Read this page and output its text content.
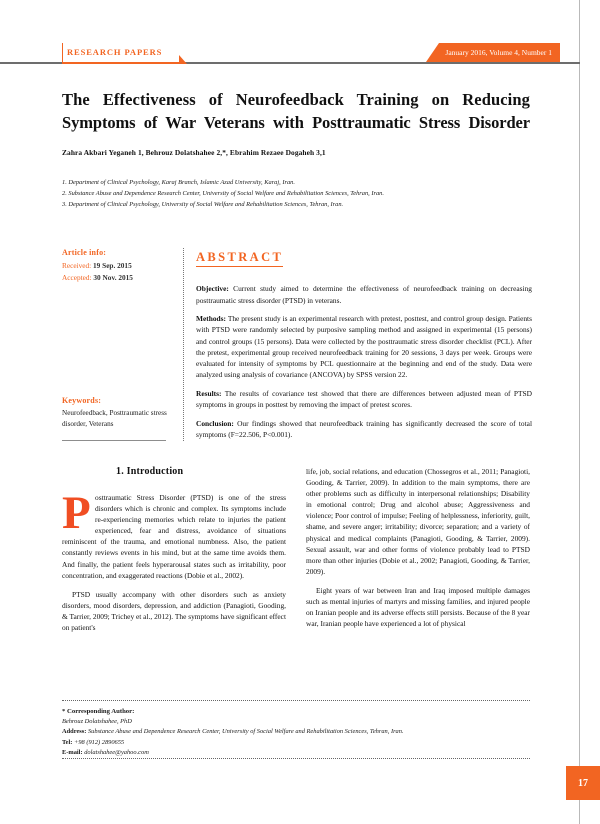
RESEARCH PAPERS	January 2016, Volume 4, Number 1
The Effectiveness of Neurofeedback Training on Reducing
Symptoms of War Veterans with Posttraumatic Stress Disorder
Zahra Akbari Yeganeh 1, Behrouz Dolatshahee 2,*, Ebrahim Rezaee Dogaheh 3,1
1. Department of Clinical Psychology, Karaj Branch, Islamic Azad University, Karaj, Iran.
2. Substance Abuse and Dependence Research Center, University of Social Welfare and Rehabilitation Sciences, Tehran, Iran.
3. Department of Clinical Psychology, University of Social Welfare and Rehabilitation Sciences, Tehran, Iran.
Article info:
Received: 19 Sep. 2015
Accepted: 30 Nov. 2015
Keywords:
Neurofeedback, Posttraumatic stress disorder, Veterans
ABSTRACT

Objective: Current study aimed to determine the effectiveness of neurofeedback training on decreasing posttraumatic stress disorder (PTSD) in veterans.

Methods: The present study is an experimental research with pretest, posttest, and control group design. Patients with PTSD were randomly selected by purposive sampling method and assigned in experimental (15 persons) and control groups (15 persons). Data were collected by the posttraumatic stress disorder checklist (PCL). After the pretest, experimental group received neurofeedback training for 20 sessions, 3 days per week. Groups were evaluated for intensity of symptoms by PCL questionnaire at the beginning and end of the study. Data were analyzed using analysis of covariance (ANCOVA) by SPSS version 22.

Results: The results of covariance test showed that there are differences between adjusted mean of PTSD symptoms in groups in posttest by removing the impact of pretest scores.

Conclusion: Our findings showed that neurofeedback training has significantly decreased the score of total symptoms (F=22.506, P<0.001).

1. Introduction
P osttraumatic Stress Disorder (PTSD) is one of the stress disorders which is chronic and complex. Its symptoms include re-experiencing memories which relate to injuries the patient experienced, fear and distress, avoidance of situations reminiscent of the trauma, and emotional numbness. Also, the patient constantly reviews events in his mind, but at the same time avoids them. And finally, the patient feels hyperarousal states such as irritability, poor concentration, and exaggerated reactions (Dobie et al., 2002).

PTSD usually accompany with other disorders such as anxiety disorders, mood disorders, depression, and addiction (Panagioti, Gooding, & Tarrier, 2009; Trichey et al., 2012). The symptoms have significant effect on patient's

life, job, social relations, and education (Chossegros et al., 2011; Panagioti, Gooding, & Tarrier, 2009). In addition to the main symptoms, there are other problems such as difficulty in interpersonal relationships; Disability in emotional control; Drug and alcohol abuse; Aggressiveness and violence; Poor control of impulse; Feeling of helplessness, inferiority, guilt, shame, and severe anger; irritability; divorce; separation; and a variety of physical and medical complaints (Panagioti, Gooding, & Tarrier, 2009). Sexual assault, war and other forms of violence probably lead to PTSD more than other injuries (Dobie et al., 2002; Panagioti, Gooding, & Tarrier, 2009).

Eight years of war between Iran and Iraq imposed multiple damages such as mental injuries of martyrs and missing families, and injured people on Iranian people and its adverse effects still persists. Because of the 8 year war, Iranian people have experienced a lot of physical

* Corresponding Author:
Behrouz Dolatshahee, PhD
Address: Substance Abuse and Dependence Research Center, University of Social Welfare and Rehabilitation Sciences, Tehran, Iran.
Tel: +98 (912) 2890655
E-mail: dolatshahee@yahoo.com
17
